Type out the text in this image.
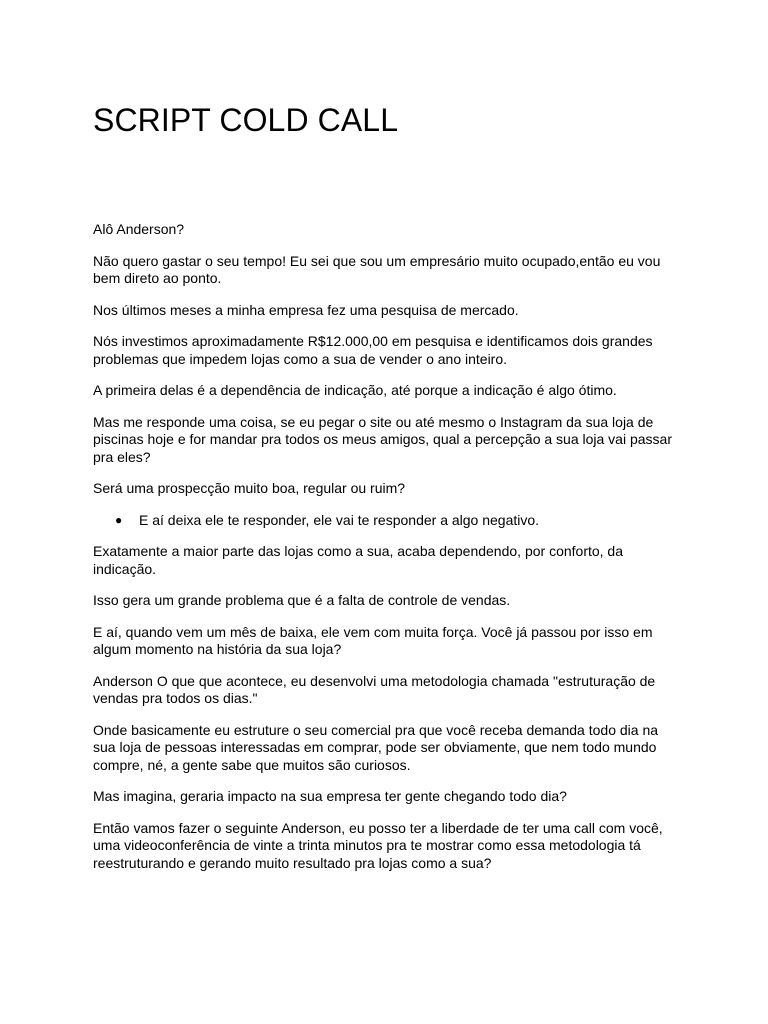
SCRIPT COLD CALL

Alô Anderson?

Não quero gastar o seu tempo! Eu sei que sou um empresário muito ocupado,então eu vou bem direto ao ponto.

Nos últimos meses a minha empresa fez uma pesquisa de mercado.

Nós investimos aproximadamente R$12.000,00 em pesquisa e identificamos dois grandes problemas que impedem lojas como a sua de vender o ano inteiro.

A primeira delas é a dependência de indicação, até porque a indicação é algo ótimo.

Mas me responde uma coisa, se eu pegar o site ou até mesmo o Instagram da sua loja de piscinas hoje e for mandar pra todos os meus amigos, qual a percepção a sua loja vai passar pra eles?

Será uma prospecção muito boa, regular ou ruim?

● E aí deixa ele te responder, ele vai te responder a algo negativo.

Exatamente a maior parte das lojas como a sua, acaba dependendo, por conforto, da indicação.

Isso gera um grande problema que é a falta de controle de vendas.

E aí, quando vem um mês de baixa, ele vem com muita força. Você já passou por isso em algum momento na história da sua loja?

Anderson O que que acontece, eu desenvolvi uma metodologia chamada "estruturação de vendas pra todos os dias."

Onde basicamente eu estruture o seu comercial pra que você receba demanda todo dia na sua loja de pessoas interessadas em comprar, pode ser obviamente, que nem todo mundo compre, né, a gente sabe que muitos são curiosos.

Mas imagina, geraria impacto na sua empresa ter gente chegando todo dia?

Então vamos fazer o seguinte Anderson, eu posso ter a liberdade de ter uma call com você, uma videoconferência de vinte a trinta minutos pra te mostrar como essa metodologia tá reestruturando e gerando muito resultado pra lojas como a sua?
